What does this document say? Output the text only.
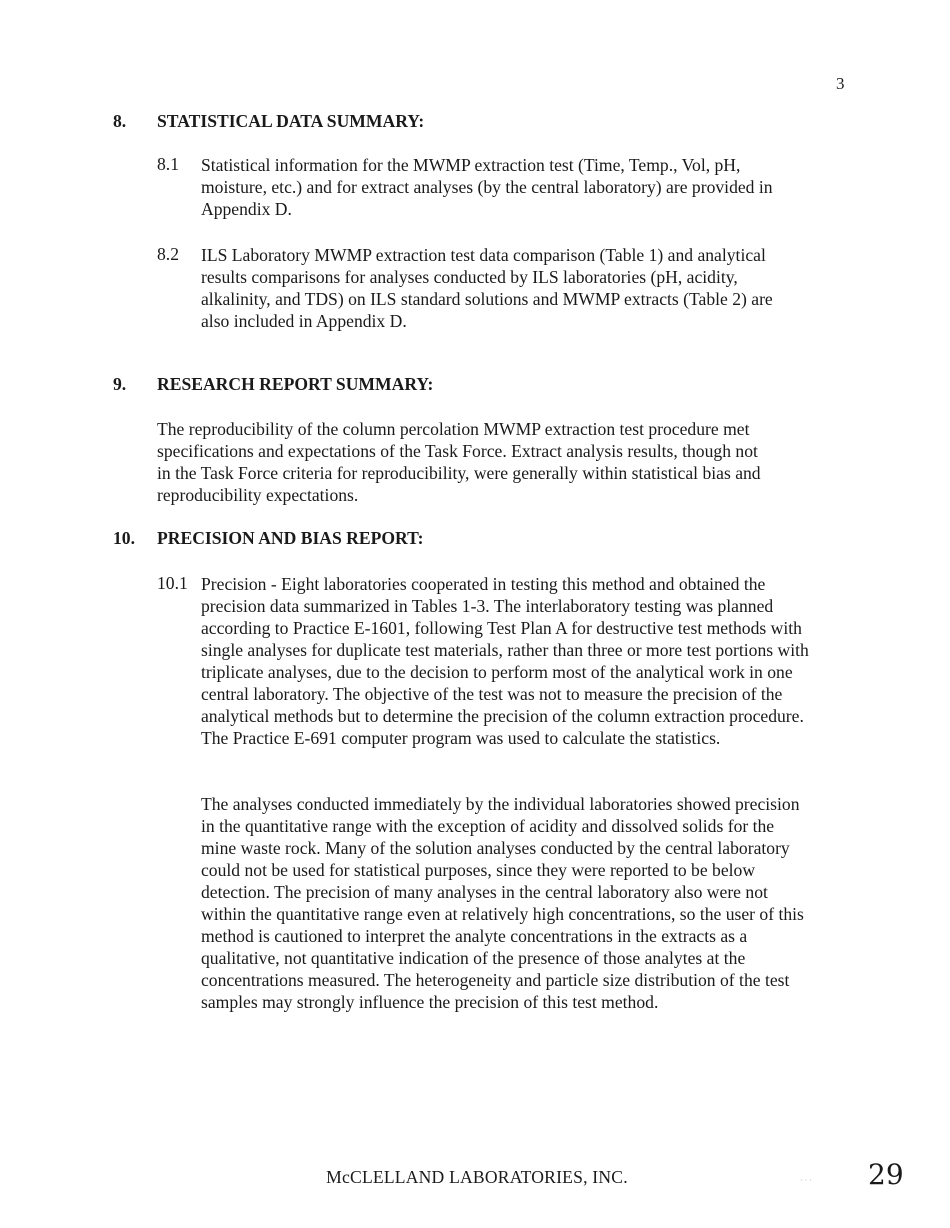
3
8. STATISTICAL DATA SUMMARY:
8.1 Statistical information for the MWMP extraction test (Time, Temp., Vol, pH,
moisture, etc.) and for extract analyses (by the central laboratory) are provided in
Appendix D.
8.2 ILS Laboratory MWMP extraction test data comparison (Table 1) and analytical
results comparisons for analyses conducted by ILS laboratories (pH, acidity,
alkalinity, and TDS) on ILS standard solutions and MWMP extracts (Table 2) are
also included in Appendix D.
9. RESEARCH REPORT SUMMARY:
The reproducibility of the column percolation MWMP extraction test procedure met
specifications and expectations of the Task Force. Extract analysis results, though not
in the Task Force criteria for reproducibility, were generally within statistical bias and
reproducibility expectations.
10. PRECISION AND BIAS REPORT:
10.1 Precision - Eight laboratories cooperated in testing this method and obtained the
precision data summarized in Tables 1-3. The interlaboratory testing was planned
according to Practice E-1601, following Test Plan A for destructive test methods with
single analyses for duplicate test materials, rather than three or more test portions with
triplicate analyses, due to the decision to perform most of the analytical work in one
central laboratory. The objective of the test was not to measure the precision of the
analytical methods but to determine the precision of the column extraction procedure.
The Practice E-691 computer program was used to calculate the statistics.
The analyses conducted immediately by the individual laboratories showed precision
in the quantitative range with the exception of acidity and dissolved solids for the
mine waste rock. Many of the solution analyses conducted by the central laboratory
could not be used for statistical purposes, since they were reported to be below
detection. The precision of many analyses in the central laboratory also were not
within the quantitative range even at relatively high concentrations, so the user of this
method is cautioned to interpret the analyte concentrations in the extracts as a
qualitative, not quantitative indication of the presence of those analytes at the
concentrations measured. The heterogeneity and particle size distribution of the test
samples may strongly influence the precision of this test method.
McCLELLAND LABORATORIES, INC.	· · · 29
